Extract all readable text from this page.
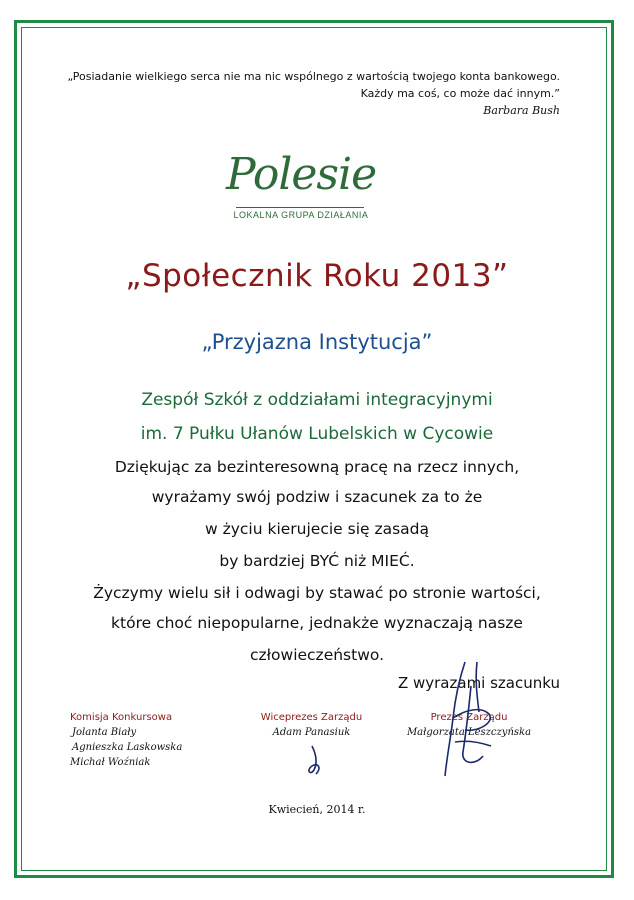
„Posiadanie wielkiego serca nie ma nic wspólnego z wartością twojego konta bankowego.
Każdy ma coś, co może dać innym.”
Barbara Bush
Polesie
LOKALNA GRUPA DZIAŁANIA
„Społecznik Roku 2013”
„Przyjazna Instytucja”
Zespół Szkół z oddziałami integracyjnymi
im. 7 Pułku Ułanów Lubelskich w Cycowie
Dziękując za bezinteresowną pracę na rzecz innych,
wyrażamy swój podziw i szacunek za to że
w życiu kierujecie się zasadą
by bardziej BYĆ niż MIEĆ.
Życzymy wielu sił i odwagi by stawać po stronie wartości,
które choć niepopularne, jednakże wyznaczają nasze
człowieczeństwo.
Z wyrazami szacunku
Komisja Konkursowa
Jolanta Biały
Agnieszka Laskowska
Michał Woźniak
Wiceprezes Zarządu
Adam Panasiuk
Prezes Zarządu
Małgorzata Leszczyńska
Kwiecień, 2014 r.
